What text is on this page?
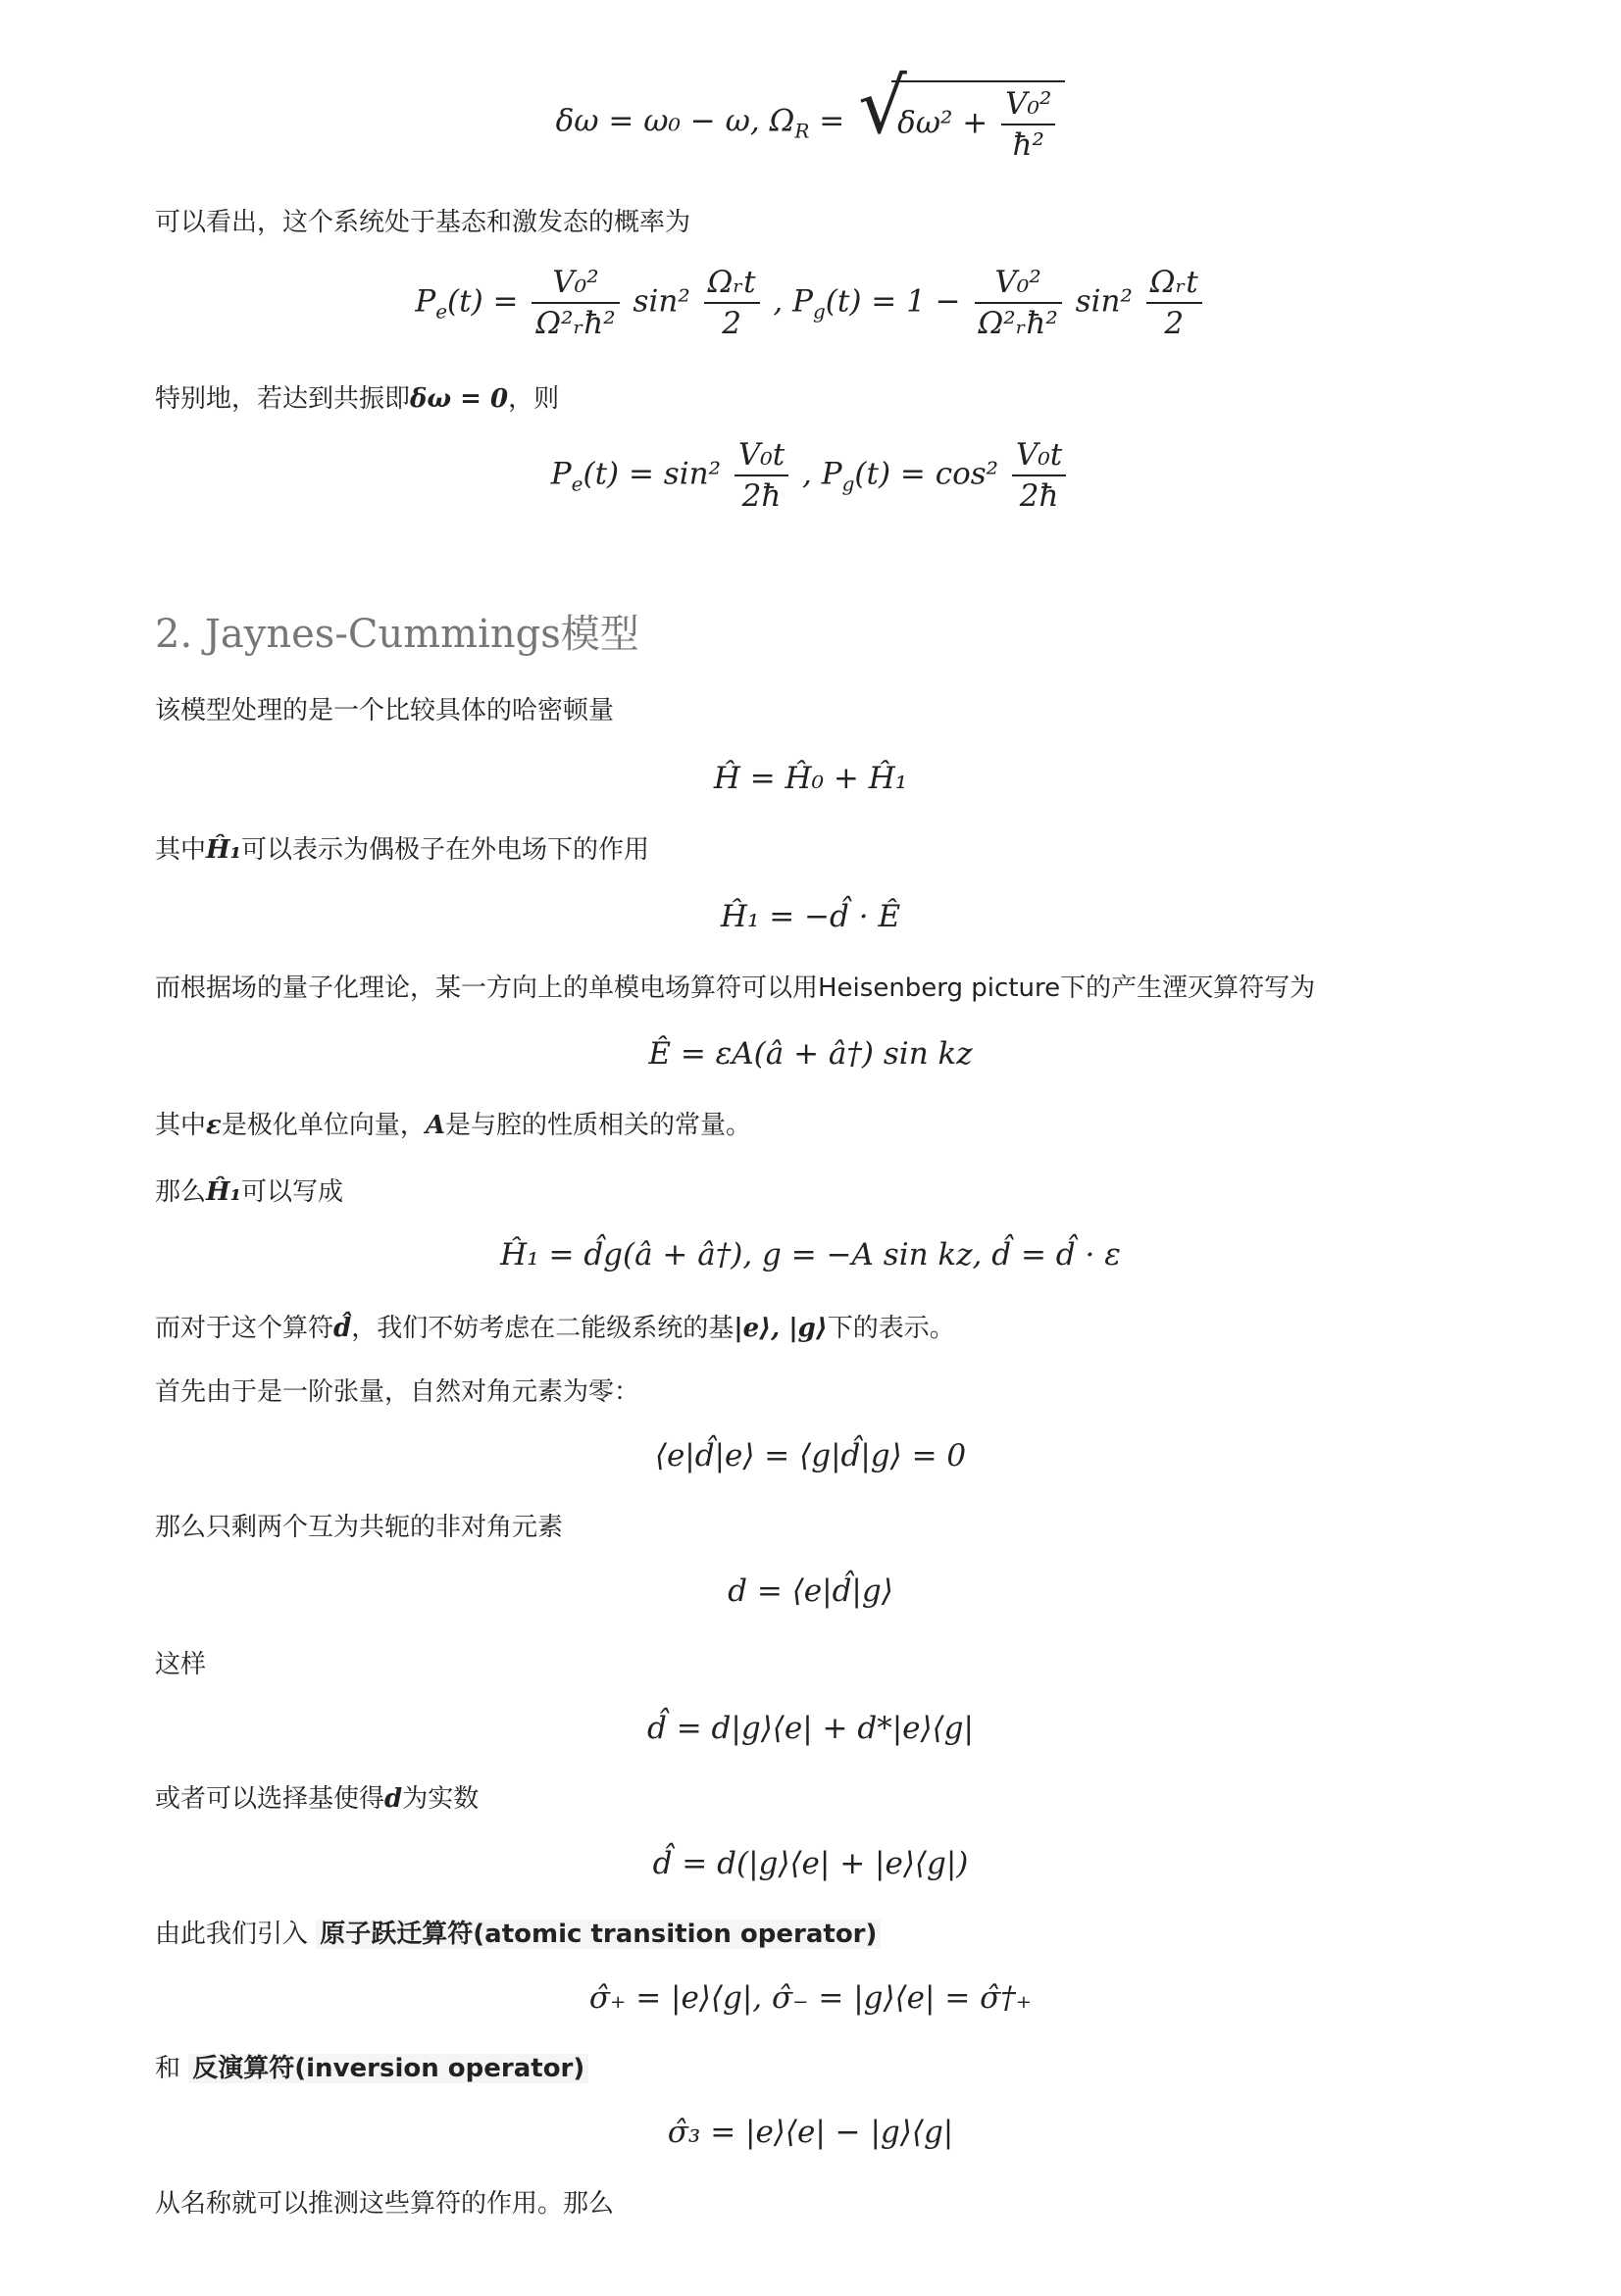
δω = ω₀ − ω, $\Omega_R$ = √ $\delta\omega^2 + \frac{\text{V₀²}}{\text{ħ²}}$
可以看出，这个系统处于基态和激发态的概率为
$P_e(t) = \frac{\text{V₀²}}{\text{Ω²ᵣħ²}} \sin^2 \frac{\text{Ωᵣt}}{2}$ , $P_g(t) = 1 - \frac{\text{V₀²}}{\text{Ω²ᵣħ²}} \sin^2 \frac{\text{Ωᵣt}}{2}$
特别地，若达到共振即δω = 0，则
$P_e(t) = \sin^2 \frac{\text{V₀t}}{2ħ}$ , $P_g(t) = \cos^2 \frac{\text{V₀t}}{2ħ}$
2. Jaynes-Cummings模型
该模型处理的是一个比较具体的哈密顿量
Ĥ = Ĥ₀ + Ĥ₁
其中Ĥ₁可以表示为偶极子在外电场下的作用
Ĥ₁ = −d̂ · Ê
而根据场的量子化理论，某一方向上的单模电场算符可以用Heisenberg picture下的产生湮灭算符写为
Ê = εA(â + â†) sin kz
其中ε是极化单位向量，A是与腔的性质相关的常量。
那么Ĥ₁可以写成
Ĥ₁ = d̂g(â + â†), g = −A sin kz, d̂ = d̂ · ε
而对于这个算符d̂，我们不妨考虑在二能级系统的基|e⟩, |g⟩下的表示。
首先由于是一阶张量，自然对角元素为零：
⟨e|d̂|e⟩ = ⟨g|d̂|g⟩ = 0
那么只剩两个互为共轭的非对角元素
d = ⟨e|d̂|g⟩
这样
d̂ = d|g⟩⟨e| + d*|e⟩⟨g|
或者可以选择基使得d为实数
d̂ = d(|g⟩⟨e| + |e⟩⟨g|)
由此我们引入 原子跃迁算符(atomic transition operator)
σ̂₊ = |e⟩⟨g|, σ̂₋ = |g⟩⟨e| = σ̂†₊
和 反演算符(inversion operator)
σ̂₃ = |e⟩⟨e| − |g⟩⟨g|
从名称就可以推测这些算符的作用。那么
